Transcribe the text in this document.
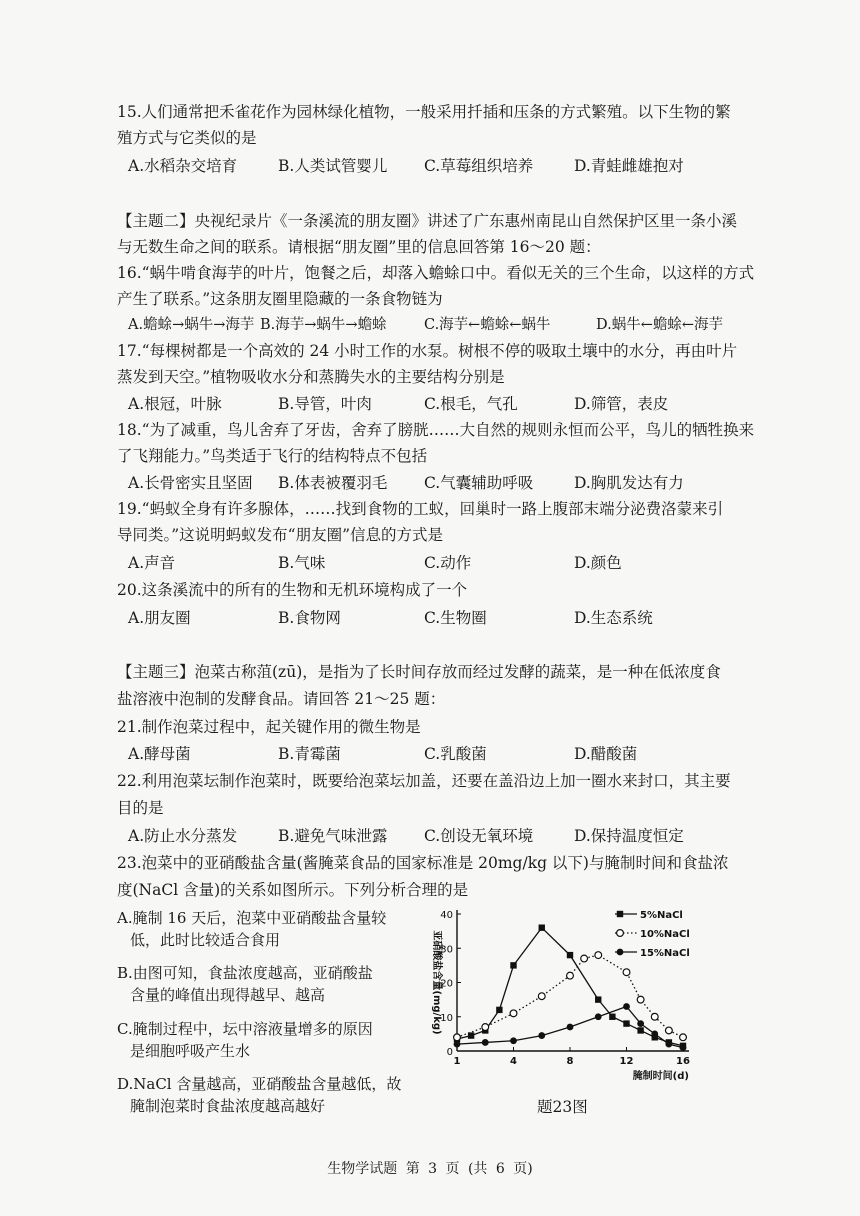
15.人们通常把禾雀花作为园林绿化植物，一般采用扦插和压条的方式繁殖。以下生物的繁
殖方式与它类似的是
A.水稻杂交培育	B.人类试管婴儿 C.草莓组织培养	D.青蛙雌雄抱对
【主题二】央视纪录片《一条溪流的朋友圈》讲述了广东惠州南昆山自然保护区里一条小溪
与无数生命之间的联系。请根据“朋友圈”里的信息回答第 16～20 题：
16.“蜗牛啃食海芋的叶片，饱餐之后，却落入蟾蜍口中。看似无关的三个生命，以这样的方式
产生了联系。”这条朋友圈里隐藏的一条食物链为
A.蟾蜍→蜗牛→海芋 B.海芋→蜗牛→蟾蜍	C.海芋←蟾蜍←蜗牛	D.蜗牛←蟾蜍←海芋
17.“每棵树都是一个高效的 24 小时工作的水泵。树根不停的吸取土壤中的水分，再由叶片
蒸发到天空。”植物吸收水分和蒸腾失水的主要结构分别是
A.根冠，叶脉	B.导管，叶肉	C.根毛，气孔	D.筛管，表皮
18.“为了减重，鸟儿舍弃了牙齿，舍弃了膀胱……大自然的规则永恒而公平，鸟儿的牺牲换来
了飞翔能力。”鸟类适于飞行的结构特点不包括
A.长骨密实且坚固 B.体表被覆羽毛 C.气囊辅助呼吸	D.胸肌发达有力
19.“蚂蚁全身有许多腺体，……找到食物的工蚁，回巢时一路上腹部末端分泌费洛蒙来引
导同类。”这说明蚂蚁发布“朋友圈”信息的方式是
A.声音	B.气味	C.动作	D.颜色
20.这条溪流中的所有的生物和无机环境构成了一个
A.朋友圈	B.食物网	C.生物圈	D.生态系统
【主题三】泡菜古称菹(zū)，是指为了长时间存放而经过发酵的蔬菜，是一种在低浓度食
盐溶液中泡制的发酵食品。请回答 21～25 题：
21.制作泡菜过程中，起关键作用的微生物是
A.酵母菌	B.青霉菌	C.乳酸菌	D.醋酸菌
22.利用泡菜坛制作泡菜时，既要给泡菜坛加盖，还要在盖沿边上加一圈水来封口，其主要
目的是
A.防止水分蒸发	B.避免气味泄露 C.创设无氧环境	D.保持温度恒定
23.泡菜中的亚硝酸盐含量(酱腌菜食品的国家标准是 20mg/kg 以下)与腌制时间和食盐浓
度(NaCl 含量)的关系如图所示。下列分析合理的是
A.腌制 16 天后，泡菜中亚硝酸盐含量较
低，此时比较适合食用
B.由图可知，食盐浓度越高，亚硝酸盐
含量的峰值出现得越早、越高
C.腌制过程中，坛中溶液量增多的原因
是细胞呼吸产生水
D.NaCl 含量越高，亚硝酸盐含量越低，故
腌制泡菜时食盐浓度越高越好
0
10
20
30
40
4	8	12	16
1
腌制时间(d)
亚硝酸盐含量(mg/kg)
5%NaCl
10%NaCl
15%NaCl
题23图
生物学试题 第 3 页 (共 6 页)
